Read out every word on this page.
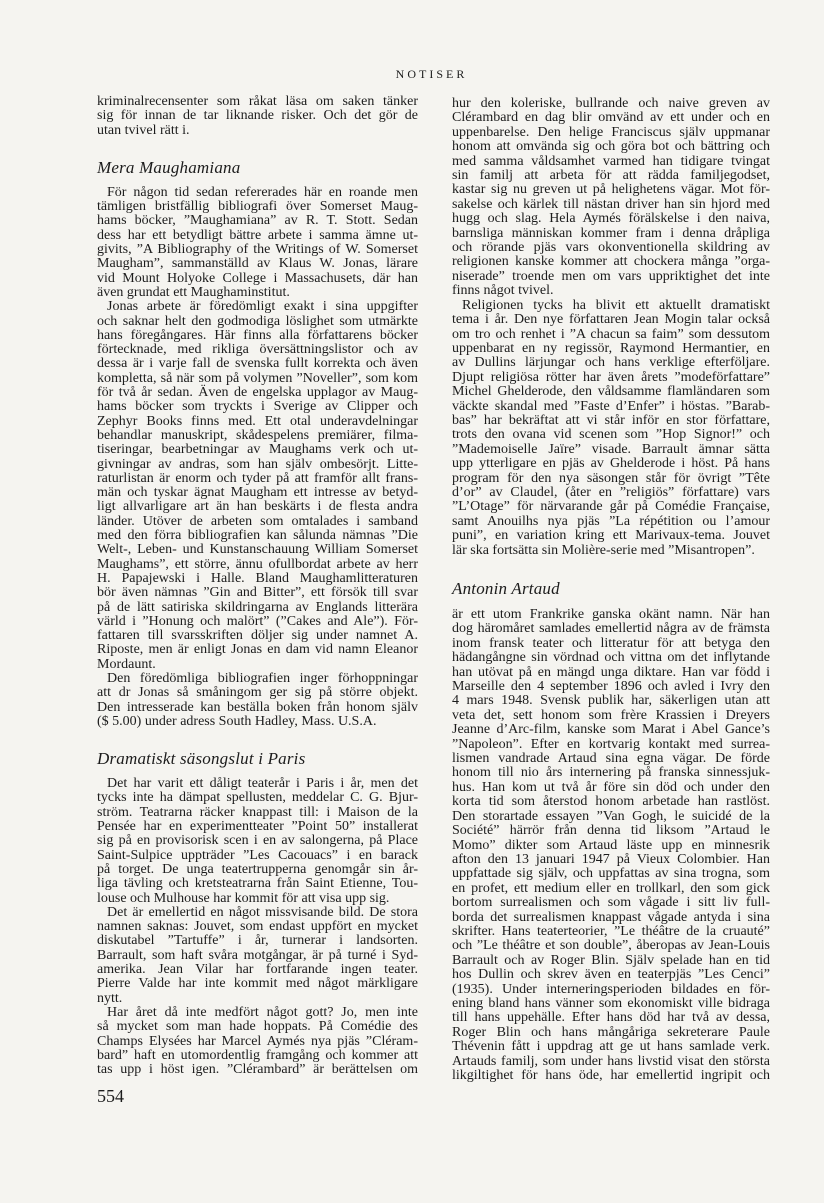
NOTISER
kriminalrecensenter som råkat läsa om saken tänker
sig för innan de tar liknande risker. Och det gör de
utan tvivel rätt i.
Mera Maughamiana
För någon tid sedan refererades här en roande men
tämligen bristfällig bibliografi över Somerset Maug-
hams böcker, ”Maughamiana” av R. T. Stott. Sedan
dess har ett betydligt bättre arbete i samma ämne ut-
givits, ”A Bibliography of the Writings of W. Somerset
Maugham”, sammanställd av Klaus W. Jonas, lärare
vid Mount Holyoke College i Massachusets, där han
även grundat ett Maughaminstitut.
Jonas arbete är föredömligt exakt i sina uppgifter
och saknar helt den godmodiga löslighet som utmärkte
hans föregångares. Här finns alla författarens böcker
förtecknade, med rikliga översättningslistor och av
dessa är i varje fall de svenska fullt korrekta och även
kompletta, så när som på volymen ”Noveller”, som kom
för två år sedan. Även de engelska upplagor av Maug-
hams böcker som tryckts i Sverige av Clipper och
Zephyr Books finns med. Ett otal underavdelningar
behandlar manuskript, skådespelens premiärer, filma-
tiseringar, bearbetningar av Maughams verk och ut-
givningar av andras, som han själv ombesörjt. Litte-
raturlistan är enorm och tyder på att framför allt frans-
män och tyskar ägnat Maugham ett intresse av betyd-
ligt allvarligare art än han beskärts i de flesta andra
länder. Utöver de arbeten som omtalades i samband
med den förra bibliografien kan sålunda nämnas ”Die
Welt-, Leben- und Kunstanschauung William Somerset
Maughams”, ett större, ännu ofullbordat arbete av herr
H. Papajewski i Halle. Bland Maughamlitteraturen
bör även nämnas ”Gin and Bitter”, ett försök till svar
på de lätt satiriska skildringarna av Englands litterära
värld i ”Honung och malört” (”Cakes and Ale”). För-
fattaren till svarsskriften döljer sig under namnet A.
Riposte, men är enligt Jonas en dam vid namn Eleanor
Mordaunt.
Den föredömliga bibliografien inger förhoppningar
att dr Jonas så småningom ger sig på större objekt.
Den intresserade kan beställa boken från honom själv
($ 5.00) under adress South Hadley, Mass. U.S.A.
Dramatiskt säsongslut i Paris
Det har varit ett dåligt teaterår i Paris i år, men det
tycks inte ha dämpat spellusten, meddelar C. G. Bjur-
ström. Teatrarna räcker knappast till: i Maison de la
Pensée har en experimentteater ”Point 50” installerat
sig på en provisorisk scen i en av salongerna, på Place
Saint-Sulpice uppträder ”Les Cacouacs” i en barack
på torget. De unga teatertrupperna genomgår sin år-
liga tävling och kretsteatrarna från Saint Etienne, Tou-
louse och Mulhouse har kommit för att visa upp sig.
Det är emellertid en något missvisande bild. De stora
namnen saknas: Jouvet, som endast uppfört en mycket
diskutabel ”Tartuffe” i år, turnerar i landsorten.
Barrault, som haft svåra motgångar, är på turné i Syd-
amerika. Jean Vilar har fortfarande ingen teater.
Pierre Valde har inte kommit med något märkligare
nytt.
Har året då inte medfört något gott? Jo, men inte
så mycket som man hade hoppats. På Comédie des
Champs Elysées har Marcel Aymés nya pjäs ”Cléram-
bard” haft en utomordentlig framgång och kommer att
tas upp i höst igen. ”Clérambard” är berättelsen om
hur den koleriske, bullrande och naive greven av
Clérambard en dag blir omvänd av ett under och en
uppenbarelse. Den helige Franciscus själv uppmanar
honom att omvända sig och göra bot och bättring och
med samma våldsamhet varmed han tidigare tvingat
sin familj att arbeta för att rädda familjegodset,
kastar sig nu greven ut på helighetens vägar. Mot för-
sakelse och kärlek till nästan driver han sin hjord med
hugg och slag. Hela Aymés förälskelse i den naiva,
barnsliga människan kommer fram i denna dråpliga
och rörande pjäs vars okonventionella skildring av
religionen kanske kommer att chockera många ”orga-
niserade” troende men om vars uppriktighet det inte
finns något tvivel.
Religionen tycks ha blivit ett aktuellt dramatiskt
tema i år. Den nye författaren Jean Mogin talar också
om tro och renhet i ”A chacun sa faim” som dessutom
uppenbarat en ny regissör, Raymond Hermantier, en
av Dullins lärjungar och hans verklige efterföljare.
Djupt religiösa rötter har även årets ”modeförfattare”
Michel Ghelderode, den våldsamme flamländaren som
väckte skandal med ”Faste d’Enfer” i höstas. ”Barab-
bas” har bekräftat att vi står inför en stor författare,
trots den ovana vid scenen som ”Hop Signor!” och
”Mademoiselle Jaïre” visade. Barrault ämnar sätta
upp ytterligare en pjäs av Ghelderode i höst. På hans
program för den nya säsongen står för övrigt ”Tête
d’or” av Claudel, (åter en ”religiös” författare) vars
”L’Otage” för närvarande går på Comédie Française,
samt Anouilhs nya pjäs ”La répétition ou l’amour
puni”, en variation kring ett Marivaux-tema. Jouvet
lär ska fortsätta sin Molière-serie med ”Misantropen”.
Antonin Artaud
är ett utom Frankrike ganska okänt namn. När han
dog häromåret samlades emellertid några av de främsta
inom fransk teater och litteratur för att betyga den
hädangångne sin vördnad och vittna om det inflytande
han utövat på en mängd unga diktare. Han var född i
Marseille den 4 september 1896 och avled i Ivry den
4 mars 1948. Svensk publik har, säkerligen utan att
veta det, sett honom som frère Krassien i Dreyers
Jeanne d’Arc-film, kanske som Marat i Abel Gance’s
”Napoleon”. Efter en kortvarig kontakt med surrea-
lismen vandrade Artaud sina egna vägar. De förde
honom till nio års internering på franska sinnessjuk-
hus. Han kom ut två år före sin död och under den
korta tid som återstod honom arbetade han rastlöst.
Den storartade essayen ”Van Gogh, le suicidé de la
Société” härrör från denna tid liksom ”Artaud le
Momo” dikter som Artaud läste upp en minnesrik
afton den 13 januari 1947 på Vieux Colombier. Han
uppfattade sig själv, och uppfattas av sina trogna, som
en profet, ett medium eller en trollkarl, den som gick
bortom surrealismen och som vågade i sitt liv full-
borda det surrealismen knappast vågade antyda i sina
skrifter. Hans teaterteorier, ”Le théâtre de la cruauté”
och ”Le théâtre et son double”, åberopas av Jean-Louis
Barrault och av Roger Blin. Själv spelade han en tid
hos Dullin och skrev även en teaterpjäs ”Les Cenci”
(1935). Under interneringsperioden bildades en för-
ening bland hans vänner som ekonomiskt ville bidraga
till hans uppehälle. Efter hans död har två av dessa,
Roger Blin och hans mångåriga sekreterare Paule
Thévenin fått i uppdrag att ge ut hans samlade verk.
Artauds familj, som under hans livstid visat den största
likgiltighet för hans öde, har emellertid ingripit och
554
